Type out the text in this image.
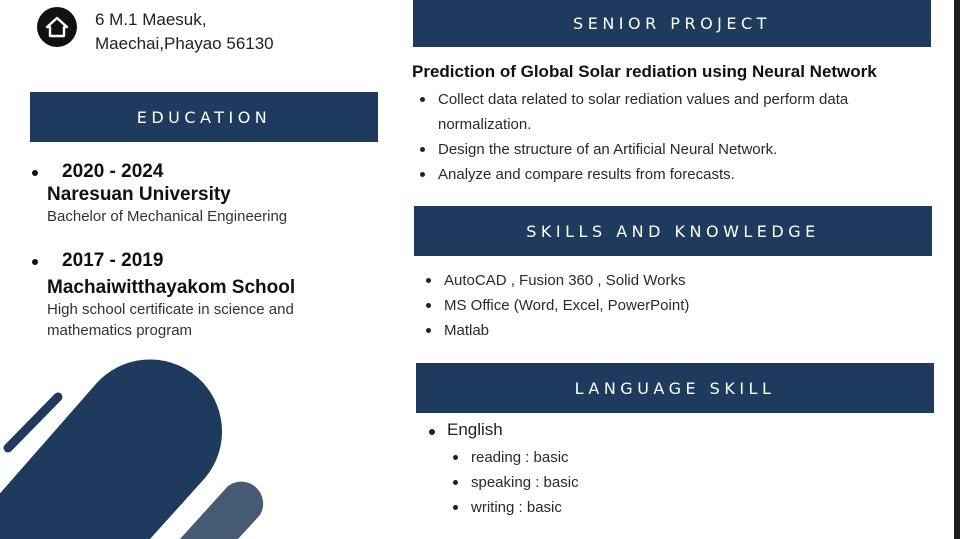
6 M.1 Maesuk,
Maechai,Phayao 56130
EDUCATION
2020 - 2024
Naresuan University
Bachelor of Mechanical Engineering
2017 - 2019
Machaiwitthayakom School
High school certificate in science and mathematics program
SENIOR PROJECT
Prediction of Global Solar rediation using Neural Network
Collect data related to solar rediation values and perform data normalization.
Design the structure of an Artificial Neural Network.
Analyze and compare results from forecasts.
SKILLS AND KNOWLEDGE
AutoCAD , Fusion 360 , Solid Works
MS Office (Word, Excel, PowerPoint)
Matlab
LANGUAGE SKILL
English
reading : basic
speaking : basic
writing : basic
